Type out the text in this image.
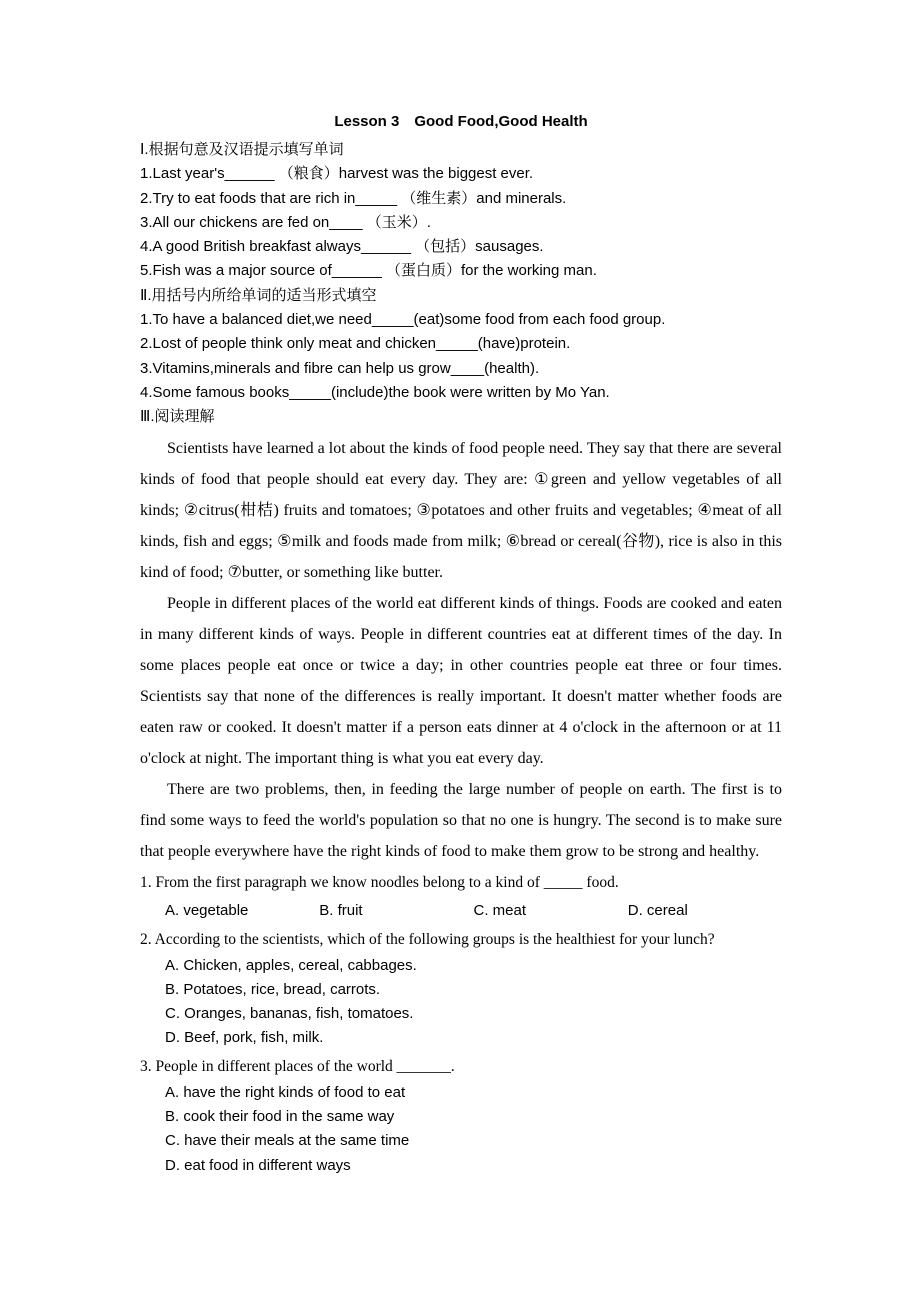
Lesson 3　Good Food,Good Health
Ⅰ.根据句意及汉语提示填写单词
1.Last year's______ （粮食）harvest was the biggest ever.
2.Try to eat foods that are rich in_____ （维生素）and minerals.
3.All our chickens are fed on____ （玉米）.
4.A good British breakfast always______ （包括）sausages.
5.Fish was a major source of______ （蛋白质）for the working man.
Ⅱ.用括号内所给单词的适当形式填空
1.To have a balanced diet,we need_____(eat)some food from each food group.
2.Lost of people think only meat and chicken_____(have)protein.
3.Vitamins,minerals and fibre can help us grow____(health).
4.Some famous books_____(include)the book were written by Mo Yan.
Ⅲ.阅读理解

Scientists have learned a lot about the kinds of food people need. They say that there are several kinds of food that people should eat every day. They are: ①green and yellow vegetables of all kinds; ②citrus(柑桔) fruits and tomatoes; ③potatoes and other fruits and vegetables; ④meat of all kinds, fish and eggs; ⑤milk and foods made from milk; ⑥bread or cereal(谷物), rice is also in this kind of food; ⑦butter, or something like butter.

People in different places of the world eat different kinds of things. Foods are cooked and eaten in many different kinds of ways. People in different countries eat at different times of the day. In some places people eat once or twice a day; in other countries people eat three or four times. Scientists say that none of the differences is really important. It doesn't matter whether foods are eaten raw or cooked. It doesn't matter if a person eats dinner at 4 o'clock in the afternoon or at 11 o'clock at night. The important thing is what you eat every day.

There are two problems, then, in feeding the large number of people on earth. The first is to find some ways to feed the world's population so that no one is hungry. The second is to make sure that people everywhere have the right kinds of food to make them grow to be strong and healthy.

1. From the first paragraph we know noodles belong to a kind of _____ food.
A. vegetable	B. fruit	C. meat	D. cereal
2. According to the scientists, which of the following groups is the healthiest for your lunch?
A. Chicken, apples, cereal, cabbages.
B. Potatoes, rice, bread, carrots.
C. Oranges, bananas, fish, tomatoes.
D. Beef, pork, fish, milk.
3. People in different places of the world _______.
A. have the right kinds of food to eat
B. cook their food in the same way
C. have their meals at the same time
D. eat food in different ways
